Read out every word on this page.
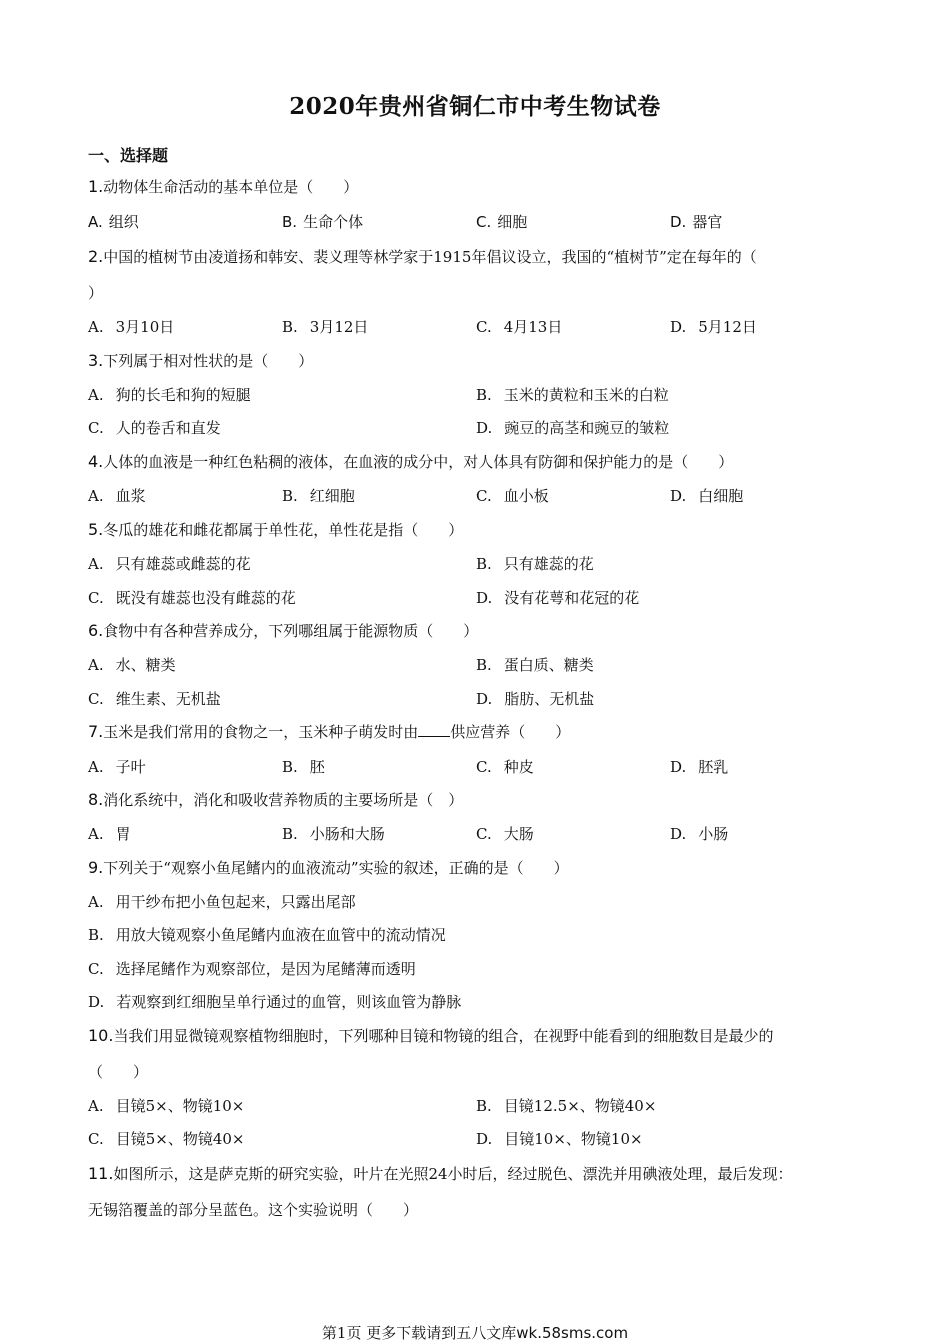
2020年贵州省铜仁市中考生物试卷
一、选择题
1.动物体生命活动的基本单位是（　　）
A. 组织	B. 生命个体	C. 细胞	D. 器官
2.中国的植树节由凌道扬和韩安、裴义理等林学家于1915年倡议设立，我国的“植树节”定在每年的（
）
A. 3月10日	B. 3月12日	C. 4月13日	D. 5月12日
3.下列属于相对性状的是（　　）
A. 狗的长毛和狗的短腿	B. 玉米的黄粒和玉米的白粒
C. 人的卷舌和直发	D. 豌豆的高茎和豌豆的皱粒
4.人体的血液是一种红色粘稠的液体，在血液的成分中，对人体具有防御和保护能力的是（　　）
A. 血浆	B. 红细胞	C. 血小板	D. 白细胞
5.冬瓜的雄花和雌花都属于单性花，单性花是指（　　）
A. 只有雄蕊或雌蕊的花	B. 只有雄蕊的花
C. 既没有雄蕊也没有雌蕊的花	D. 没有花萼和花冠的花
6.食物中有各种营养成分，下列哪组属于能源物质（　　）
A. 水、糖类	B. 蛋白质、糖类
C. 维生素、无机盐	D. 脂肪、无机盐
7.玉米是我们常用的食物之一，玉米种子萌发时由 供应营养（　　）
A. 子叶	B. 胚	C. 种皮	D. 胚乳
8.消化系统中，消化和吸收营养物质的主要场所是（　）
A. 胃	B. 小肠和大肠	C. 大肠	D. 小肠
9.下列关于“观察小鱼尾鳍内的血液流动”实验的叙述，正确的是（　　）
A. 用干纱布把小鱼包起来，只露出尾部
B. 用放大镜观察小鱼尾鳍内血液在血管中的流动情况
C. 选择尾鳍作为观察部位，是因为尾鳍薄而透明
D. 若观察到红细胞呈单行通过的血管，则该血管为静脉
10.当我们用显微镜观察植物细胞时，下列哪种目镜和物镜的组合，在视野中能看到的细胞数目是最少的
（　　）
A. 目镜5×、物镜10×	B. 目镜12.5×、物镜40×
C. 目镜5×、物镜40×	D. 目镜10×、物镜10×
11.如图所示，这是萨克斯的研究实验，叶片在光照24小时后，经过脱色、漂洗并用碘液处理，最后发现：
无锡箔覆盖的部分呈蓝色。这个实验说明（　　）
第1页 更多下载请到五八文库wk.58sms.com
